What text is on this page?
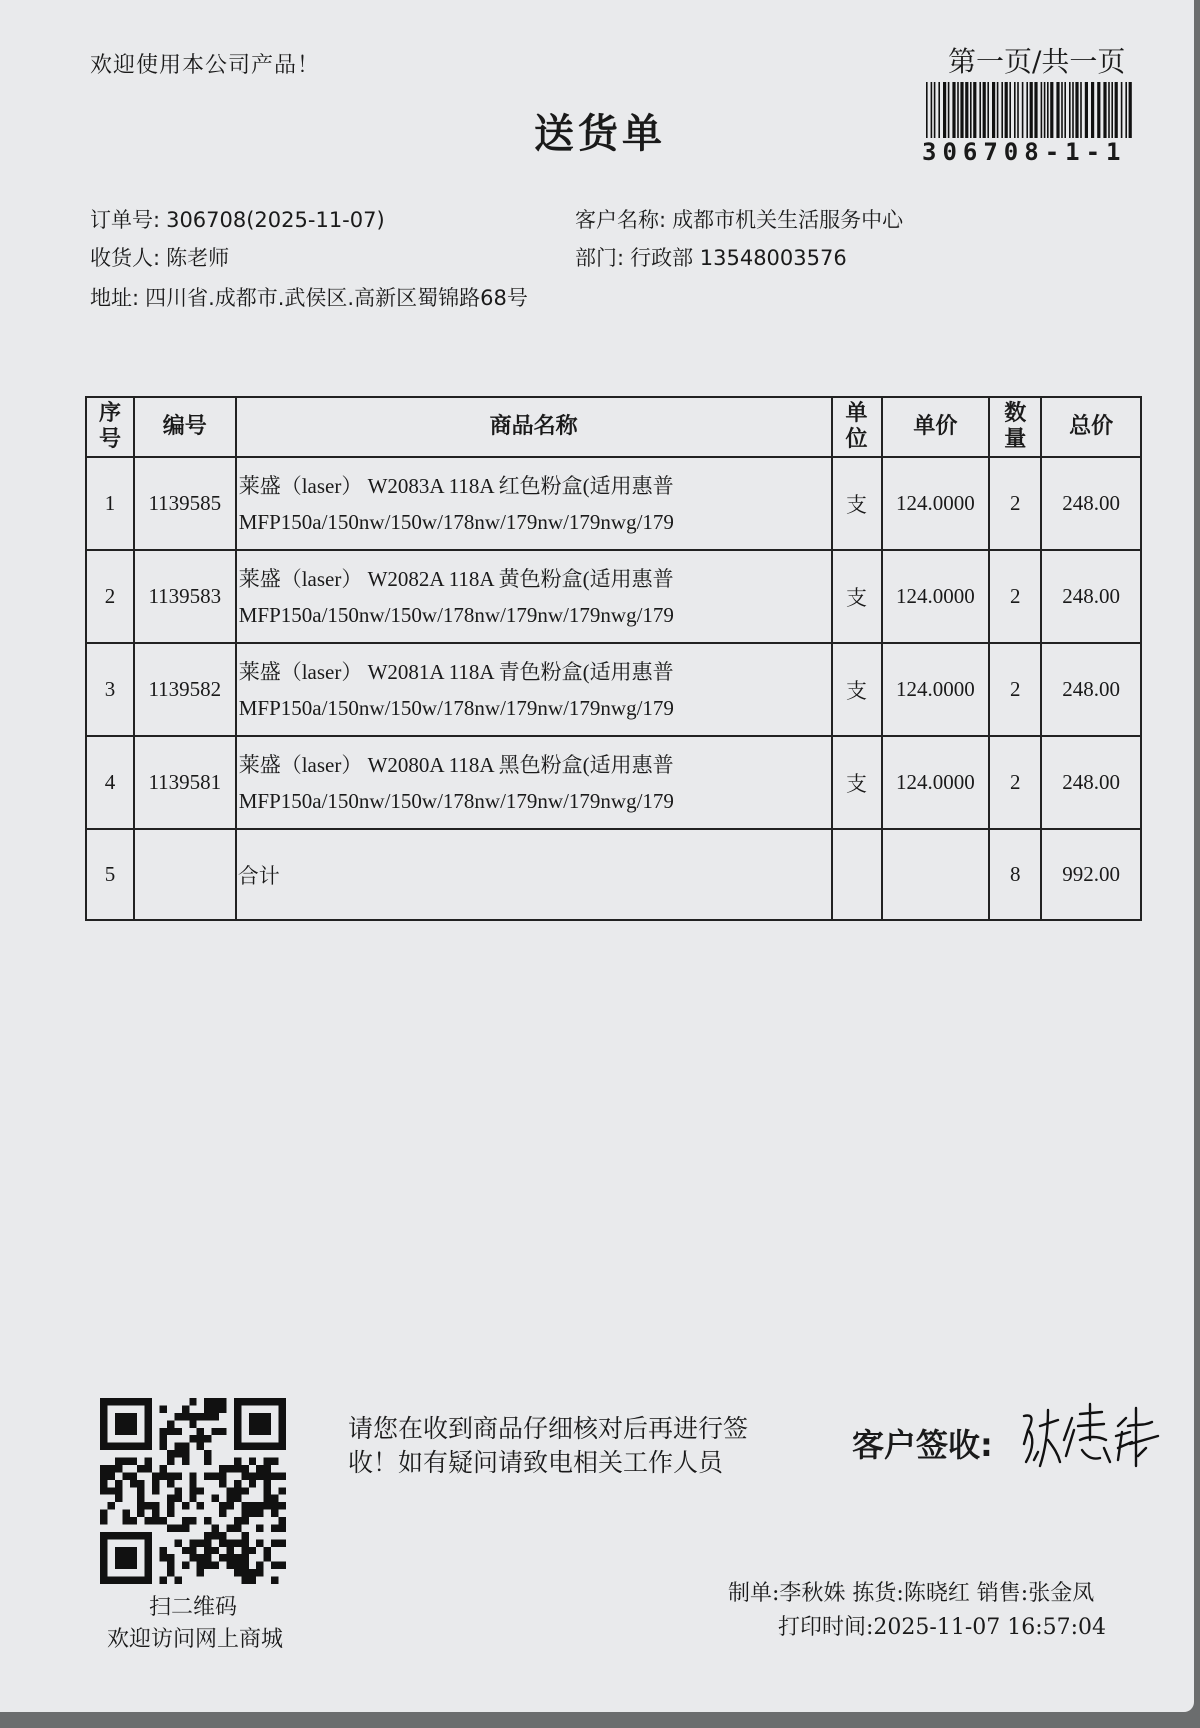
欢迎使用本公司产品！
送货单
第一页/共一页
306708-1-1
订单号: 306708(2025-11-07)	客户名称: 成都市机关生活服务中心
收货人: 陈老师	部门: 行政部 13548003576
地址: 四川省.成都市.武侯区.高新区蜀锦路68号
序号	编号	商品名称	单位	单价	数量	总价
1	1139585	莱盛（laser） W2083A 118A 红色粉盒(适用惠普
MFP150a/150nw/150w/178nw/179nw/179nwg/179	支	124.0000	2	248.00
2	1139583	莱盛（laser） W2082A 118A 黄色粉盒(适用惠普
MFP150a/150nw/150w/178nw/179nw/179nwg/179	支	124.0000	2	248.00
3	1139582	莱盛（laser） W2081A 118A 青色粉盒(适用惠普
MFP150a/150nw/150w/178nw/179nw/179nwg/179	支	124.0000	2	248.00
4	1139581	莱盛（laser） W2080A 118A 黑色粉盒(适用惠普
MFP150a/150nw/150w/178nw/179nw/179nwg/179	支	124.0000	2	248.00
5		合计			8	992.00
扫二维码
欢迎访问网上商城
请您在收到商品仔细核对后再进行签收！如有疑问请致电相关工作人员	客户签收:
制单:李秋姝 拣货:陈晓红 销售:张金凤
打印时间:2025-11-07 16:57:04
